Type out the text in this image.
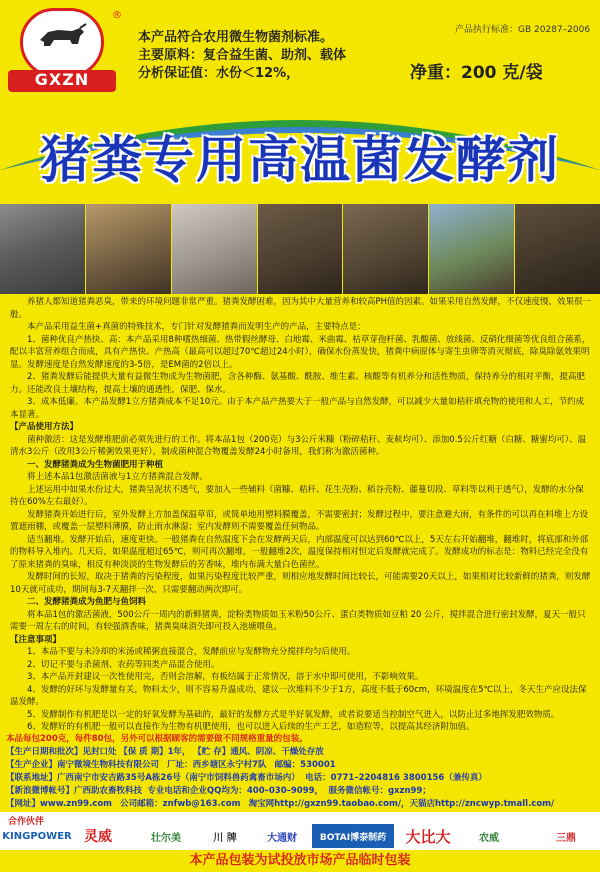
GXZN
®
产品执行标准：GB 20287–2006
本产品符合农用微生物菌剂标准。
主要原料：复合益生菌、助剂、载体
分析保证值：水份＜12%，	净重：200 克/袋
猪粪专用高温菌发酵剂

养猪人都知道猪粪恶臭，带来的环境问题非常严重。猪粪发酵困难，因为其中大量营养和较高PH值的因素。如果采用自然发酵，不仅速度慢，效果很一般。

本产品采用益生菌+真菌的特殊技术，专门针对发酵猪粪而发明生产的产品，主要特点是：

1、菌种优良产热快、高：本产品采用8种嗜热细菌、热带假丝酵母、白地霉、米曲霉、枯草芽孢杆菌、乳酸菌、放线菌、反硝化细菌等优良组合菌系，配以丰富营养组合而成，具有产热快、产热高（最高可以超过70℃超过24小时），确保水份蒸发快，猪粪中病原体与寄生虫卵等消灭彻底，除臭除氨效果明显。发酵速度是自然发酵速度的3-5倍，是EM菌的2倍以上。

2、猪粪发酵后能提供大量有益微生物成为生物菌肥，含各种酶、氨基酸、酰胺、维生素、核酸等有机养分和活性物质，保持养分的相对平衡，提高肥力。还能改良土壤结构，提高土壤的通透性，保肥、保水。

3、成本低廉。本产品发酵1立方猪粪成本不足10元。由于本产品产热要大于一般产品与自然发酵，可以减少大量如秸秆填充物的使用和人工，节约成本显著。

【产品使用方法】

菌种激活：这是发酵堆肥前必须先进行的工作。将本品1包（200克）与3公斤米糠（粉碎秸秆、麦麸均可）、添加0.5公斤红糖（白糖、糖蜜均可）、温清水3公斤（改用3公斤稀粥效果更好），制成菌种混合物覆盖发酵24小时备用，我们称为激活菌种。

一、发酵猪粪成为生物菌肥用于种植

将上述本品1包激活菌液与1立方猪粪混合发酵。

上述运用中如果水份过大，猪粪呈泥状不透气，要加入一些辅料（菌糠、秸秆、花生壳粉、稻谷壳粉、藤蔓切段、草料等以利于透气），发酵的水分保持在60%左右最好）。

发酵猪粪开始进行后，室外发酵上方加盖保温草帘，或简单地用塑料膜覆盖，不需要密封；发酵过程中，要注意避大雨，有条件的可以再在料堆上方设置遮雨棚，或覆盖一层塑料薄膜，防止雨水淋湿；室内发酵则不需要覆盖任何物品。

适当翻堆。发酵开始后，速度更快。一般猪粪在自然温度下会在发酵两天后，内部温度可以达到60℃以上，5天左右开始翻堆，翻堆时，将底部和外部的物料导入堆内。几天后，如果温度超过65℃，则可再次翻堆，一般翻堆2次，温度保持相对恒定后发酵就完成了。发酵成功的标志是：物料已经完全没有了原来猪粪的臭味，相反有种淡淡的生物发酵后的芳香味，堆内布满大量白色菌丝。

发酵时间的长短，取决于猪粪的污染程度，如果污染程度比较严重，则相应地发酵时间比较长，可能需要20天以上，如果相对比较新鲜的猪粪，则发酵10天就可成功，期间每3-7天翻拌一次，只需要翻动两次即可。

二、发酵猪粪成为鱼肥与鱼饲料

将本品1包的激活菌液，500公斤一周内的新鲜猪粪，淀粉类物质如玉米粉50公斤、蛋白类物质如豆粕 20 公斤，搅拌混合进行密封发酵，夏天一般只需要一周左右的时间，有较强酒香味，猪粪臭味消失即可投入池塘喂鱼。

【注意事项】

1、本品不要与未冷却的米汤或稀粥直接混合，发酵前应与发酵物充分搅拌均匀后使用。

2、切记不要与杀菌剂、农药等同类产品混合使用。

3、本产品开封建议一次性使用完，否则会溶解，有板结属于正常情况，溶于水中即可使用，不影响效果。

4、发酵的好坏与发酵量有关，物料太少，则不容易升温成功，建议一次堆料不少于1方，高度不低于60cm，环境温度在5℃以上，冬天生产应设法保温发酵。

5、发酵制作有机肥是以一定的好氧发酵为基础的，最好的发酵方式是半好氧发酵，或者说要适当控制空气进入，以防止过多地挥发肥效物质。

6、发酵好的有机肥一般可以直接作为生物有机肥使用，也可以进入后续的生产工艺，如造粒等，以提高其经济附加值。

本品每包200克，每件80包，另外可以根据顾客的需要做不同规格重量的包装。
【生产日期和批次】见封口处 【保 质 期】1年， 【贮 存】通风、阴凉、干燥处存放
【生产企业】南宁微境生物科技有限公司 厂址：西乡塘区永宁村7队 邮编：530001
【联系地址】广西南宁市安吉路35号A栋26号（南宁市饲料兽药禽畜市场内） 电话：0771–2204816 3800156（兼传真）
【新浪微博帐号】广西助农畜牧科技 专业电话和企业QQ均为：400–030–9099， 服务微信帐号：gxzn99；
【网址】www.zn99.com 公司邮箱：znfwb@163.com 淘宝网http://gxzn99.taobao.com/，天猫店http://zncwyp.tmall.com/
合作伙伴
KINGPOWER 灵威	壮尔美	川 牌	大通财	BOTAI博泰制药	大比大	农威	三鼎
本产品包装为试投放市场产品临时包装
